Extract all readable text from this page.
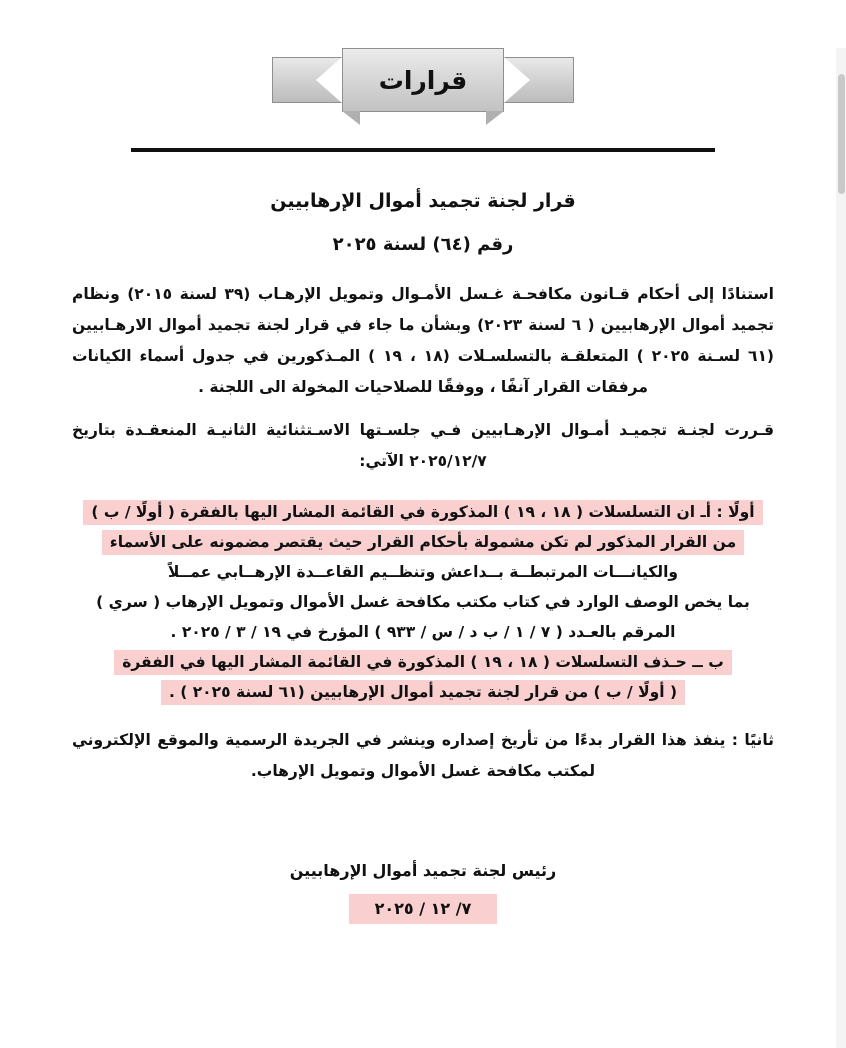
قرارات
قرار لجنة تجميد أموال الإرهابيين
رقم (٦٤) لسنة ٢٠٢٥

استنادًا إلى أحكام قـانون مكافحـة غـسل الأمـوال وتمويل الإرهـاب (٣٩ لسنة ٢٠١٥) ونظام تجميد أموال الإرهابيين ( ٦ لسنة ٢٠٢٣) وبشأن ما جاء في قرار لجنة تجميد أموال الارهـابيين (٦١ لسـنة ٢٠٢٥ ) المتعلقـة بالتسلسـلات (١٨ ، ١٩ ) المـذكورين في جدول أسماء الكيانات مرفقات القرار آنفًا ، ووفقًا للصلاحيات المخولة الى اللجنة .

قـررت لجنـة تجميـد أمـوال الإرهـابيين فـي جلسـتها الاسـتثنائية الثانيـة المنعقـدة بتاريخ ٢٠٢٥/١٢/٧ الآتي:

أولًا : أـ ان التسلسلات ( ١٨ ، ١٩ ) المذكورة في القائمة المشار اليها بالفقرة ( أولًا / ب )
من القرار المذكور لم تكن مشمولة بأحكام القرار حيث يقتصر مضمونه على الأسماء
والكيانـــات المرتبطــة بــداعش وتنظــيم القاعــدة الإرهــابي عمــلاً
بما يخص الوصف الوارد في كتاب مكتب مكافحة غسل الأموال وتمويل الإرهاب ( سري )
المرقم بالعـدد ( ٧ / ١ / ب د / س / ٩٣٣ ) المؤرخ في ١٩ / ٣ / ٢٠٢٥ .
ب ــ حـذف التسلسلات ( ١٨ ، ١٩ ) المذكورة في القائمة المشار اليها في الفقرة
( أولًا / ب ) من قرار لجنة تجميد أموال الإرهابيين (٦١ لسنة ٢٠٢٥ ) .

ثانيًا : ينفذ هذا القرار بدءًا من تأريخ إصداره وينشر في الجريدة الرسمية والموقع الإلكتروني لمكتب مكافحة غسل الأموال وتمويل الإرهاب.

رئيس لجنة تجميد أموال الإرهابيين
٧/ ١٢ / ٢٠٢٥
